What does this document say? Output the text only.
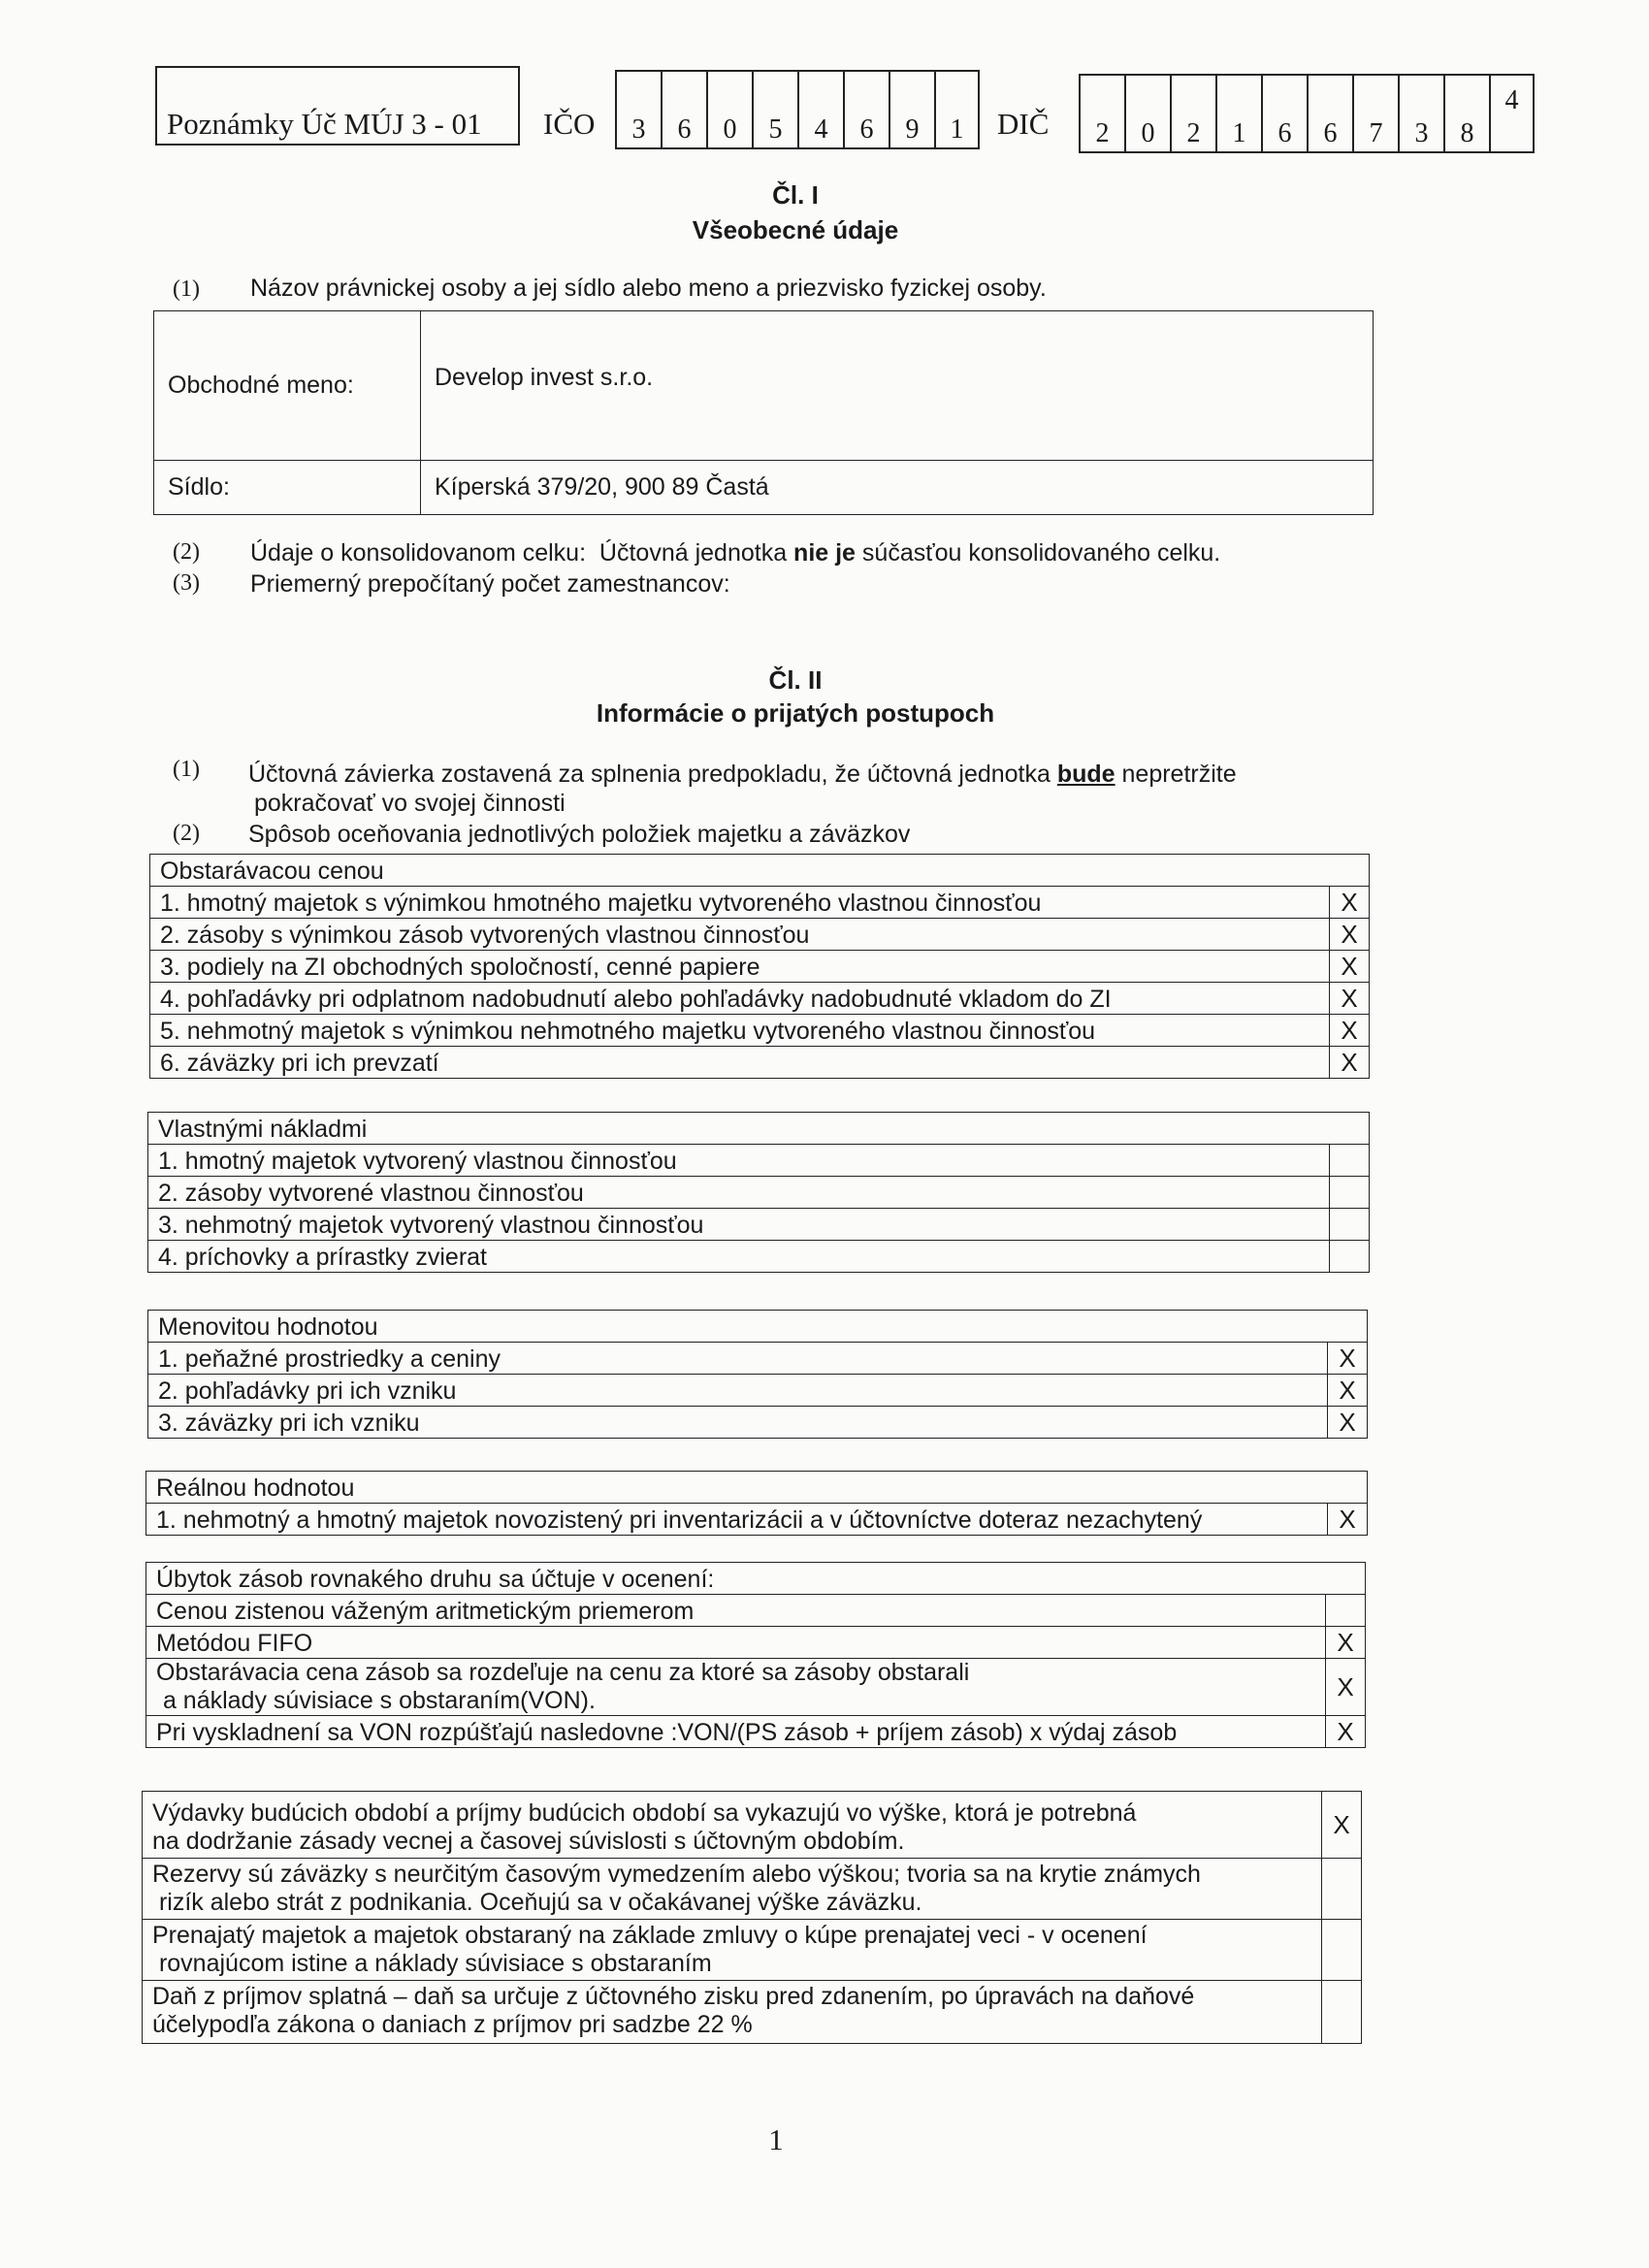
Poznámky Úč MÚJ 3 - 01	IČO	3	6	0	5	4	6	9	1	DIČ	2	0	2	1	6	6	7	3	8
4
Čl. I
Všeobecné údaje
(1) Názov právnickej osoby a jej sídlo alebo meno a priezvisko fyzickej osoby.
Obchodné meno:	Develop invest s.r.o.
Sídlo:	Kíperská 379/20, 900 89 Častá
(2) Údaje o konsolidovanom celku:  Účtovná jednotka nie je súčasťou konsolidovaného celku.
(3) Priemerný prepočítaný počet zamestnancov:
Čl. II
Informácie o prijatých postupoch
(1) Účtovná závierka zostavená za splnenia predpokladu, že účtovná jednotka bude nepretržite
pokračovať vo svojej činnosti
(2) Spôsob oceňovania jednotlivých položiek majetku a záväzkov
Obstarávacou cenou	
1. hmotný majetok s výnimkou hmotného majetku vytvoreného vlastnou činnosťou	X
2. zásoby s výnimkou zásob vytvorených vlastnou činnosťou	X
3. podiely na ZI obchodných spoločností, cenné papiere	X
4. pohľadávky pri odplatnom nadobudnutí alebo pohľadávky nadobudnuté vkladom do ZI	X
5. nehmotný majetok s výnimkou nehmotného majetku vytvoreného vlastnou činnosťou	X
6. záväzky pri ich prevzatí	X
Vlastnými nákladmi	
1. hmotný majetok vytvorený vlastnou činnosťou	
2. zásoby vytvorené vlastnou činnosťou	
3. nehmotný majetok vytvorený vlastnou činnosťou	
4. príchovky a prírastky zvierat	
Menovitou hodnotou	
1. peňažné prostriedky a ceniny	X
2. pohľadávky pri ich vzniku	X
3. záväzky pri ich vzniku	X
Reálnou hodnotou
1. nehmotný a hmotný majetok novozistený pri inventarizácii a v účtovníctve doteraz nezachytený	X
Úbytok zásob rovnakého druhu sa účtuje v ocenení:	
Cenou zistenou váženým aritmetickým priemerom	
Metódou FIFO	X

Obstarávacia cena zásob sa rozdeľuje na cenu za ktoré sa zásoby obstarali
a náklady súvisiace s obstaraním(VON).	X
Pri vyskladnení sa VON rozpúšťajú nasledovne :VON/(PS zásob + príjem zásob) x výdaj zásob	X
Výdavky budúcich období a príjmy budúcich období sa vykazujú vo výške, ktorá je potrebná
na dodržanie zásady vecnej a časovej súvislosti s účtovným obdobím.	X

Rezervy sú záväzky s neurčitým časovým vymedzením alebo výškou; tvoria sa na krytie známych
rizík alebo strát z podnikania. Oceňujú sa v očakávanej výške záväzku.	

Prenajatý majetok a majetok obstaraný na základe zmluvy o kúpe prenajatej veci - v ocenení
rovnajúcom istine a náklady súvisiace s obstaraním	

Daň z príjmov splatná – daň sa určuje z účtovného zisku pred zdanením, po úpravách na daňové
účelypodľa zákona o daniach z príjmov pri sadzbe 22 %	

1
